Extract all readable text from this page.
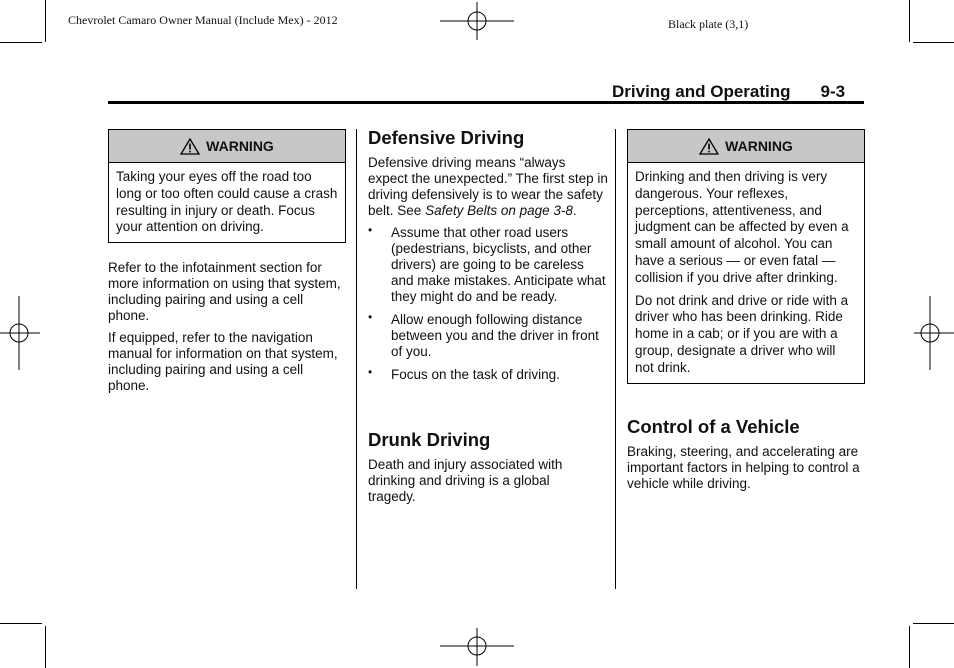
Chevrolet Camaro Owner Manual (Include Mex) - 2012	Black plate (3,1)
Driving and Operating 9-3
WARNING
Taking your eyes off the road too long or too often could cause a crash resulting in injury or death. Focus your attention on driving.

Refer to the infotainment section for more information on using that system, including pairing and using a cell phone.

If equipped, refer to the navigation manual for information on that system, including pairing and using a cell phone.

Defensive Driving

Defensive driving means “always expect the unexpected.” The first step in driving defensively is to wear the safety belt. See Safety Belts on page 3-8.

• Assume that other road users (pedestrians, bicyclists, and other drivers) are going to be careless and make mistakes. Anticipate what they might do and be ready.
• Allow enough following distance between you and the driver in front of you.
• Focus on the task of driving.
Drunk Driving
Death and injury associated with drinking and driving is a global tragedy.
WARNING

Drinking and then driving is very dangerous. Your reflexes, perceptions, attentiveness, and judgment can be affected by even a small amount of alcohol. You can have a serious — or even fatal — collision if you drive after drinking.

Do not drink and drive or ride with a driver who has been drinking. Ride home in a cab; or if you are with a group, designate a driver who will not drink.

Control of a Vehicle
Braking, steering, and accelerating are important factors in helping to control a vehicle while driving.
